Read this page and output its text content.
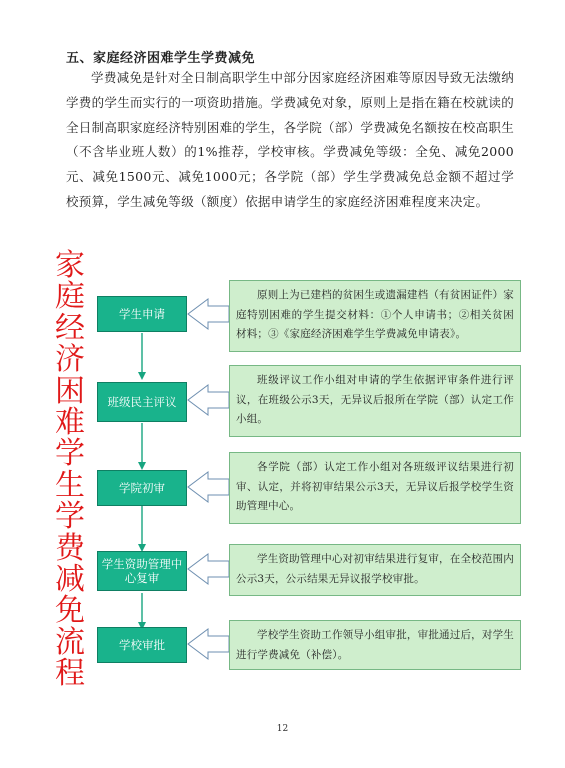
五、家庭经济困难学生学费减免

学费减免是针对全日制高职学生中部分因家庭经济困难等原因导致无法缴纳学费的学生而实行的一项资助措施。学费减免对象，原则上是指在籍在校就读的全日制高职家庭经济特别困难的学生，各学院（部）学费减免名额按在校高职生（不含毕业班人数）的1%推荐，学校审核。学费减免等级：全免、减免2000元、减免1500元、减免1000元；各学院（部）学生学费减免总金额不超过学校预算，学生减免等级（额度）依据申请学生的家庭经济困难程度来决定。

家
庭
经
济
困
难
学
生
学
费
减
免
流
程
学生申请
班级民主评议
学院初审
学生资助管理中心复审
学校审批
原则上为已建档的贫困生或遗漏建档（有贫困证件）家庭特别困难的学生提交材料：①个人申请书；②相关贫困材料；③《家庭经济困难学生学费减免申请表》。
班级评议工作小组对申请的学生依据评审条件进行评议，在班级公示3天，无异议后报所在学院（部）认定工作小组。
各学院（部）认定工作小组对各班级评议结果进行初审、认定，并将初审结果公示3天，无异议后报学校学生资助管理中心。
学生资助管理中心对初审结果进行复审，在全校范围内公示3天，公示结果无异议报学校审批。
学校学生资助工作领导小组审批，审批通过后，对学生进行学费减免（补偿）。
12
